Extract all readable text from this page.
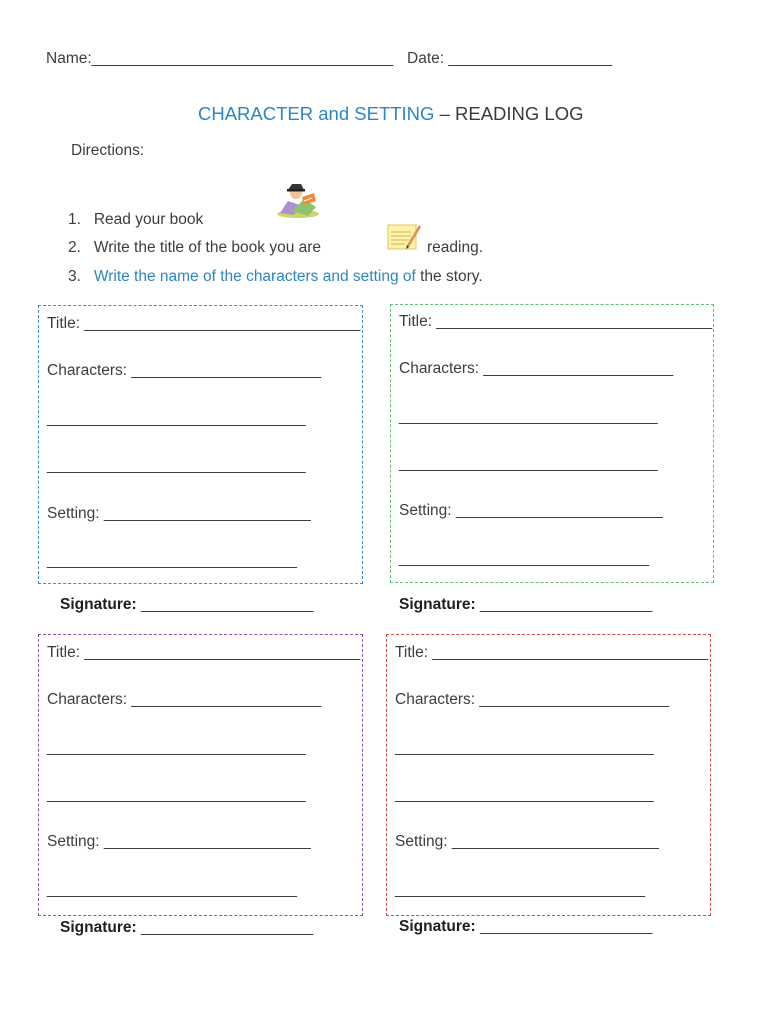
Name:___________________________________ Date: ___________________
CHARACTER and SETTING – READING LOG
Directions:
1. Read your book
2. Write the title of the book you are	reading.
3. Write the name of the characters and setting of the story.
Title: ________________________________
Characters: ______________________
______________________________
______________________________
Setting: ________________________
_____________________________
Signature: ____________________
Title: ________________________________
Characters: ______________________
______________________________
______________________________
Setting: ________________________
_____________________________
Signature: ____________________
Title: ________________________________
Characters: ______________________
______________________________
______________________________
Setting: ________________________
_____________________________
Signature: ____________________
Title: ________________________________
Characters: ______________________
______________________________
______________________________
Setting: ________________________
_____________________________
Signature: ____________________
